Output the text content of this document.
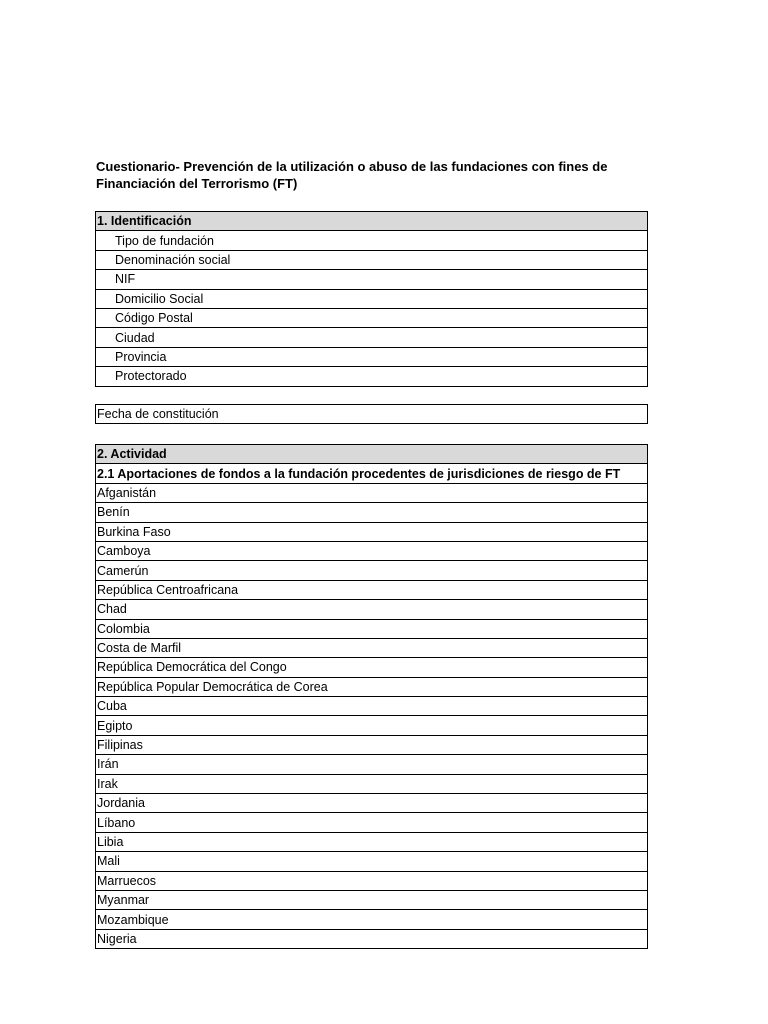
Cuestionario- Prevención de la utilización o abuso de las fundaciones con fines de
Financiación del Terrorismo (FT)
1. Identificación
Tipo de fundación
Denominación social
NIF
Domicilio Social
Código Postal
Ciudad
Provincia
Protectorado
Fecha de constitución
2. Actividad
2.1 Aportaciones de fondos a la fundación procedentes de jurisdiciones de riesgo de FT
Afganistán
Benín
Burkina Faso
Camboya
Camerún
República Centroafricana
Chad
Colombia
Costa de Marfil
República Democrática del Congo
República Popular Democrática de Corea
Cuba
Egipto
Filipinas
Irán
Irak
Jordania
Líbano
Libia
Mali
Marruecos
Myanmar
Mozambique
Nigeria
